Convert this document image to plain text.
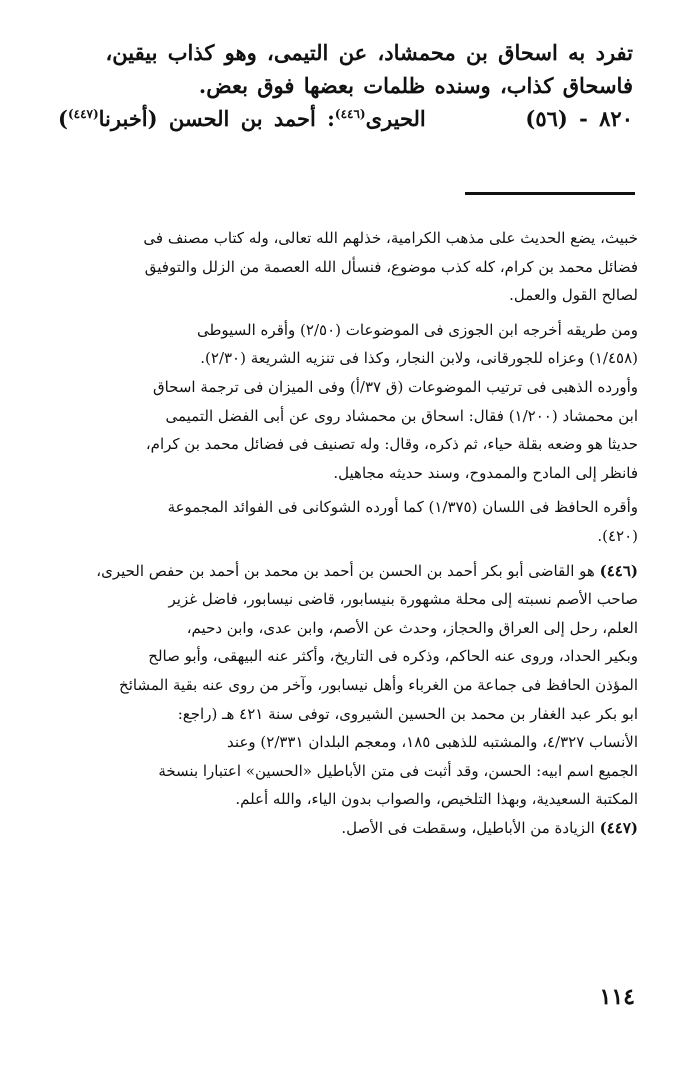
تفرد به اسحاق بن محمشاد، عن التيمى، وهو كذاب بيقين،

فاسحاق كذاب، وسنده ظلمات بعضها فوق بعض.

٨٢٠ - (٥٦)
الحيرى$^{(٤٤٦)}$: أحمد بن الحسن (أخبرنا$^{(٤٤٧)}$)

خبيث، يضع الحديث على مذهب الكرامية، خذلهم الله تعالى، وله كتاب مصنف فى

فضائل محمد بن كرام، كله كذب موضوع، فنسأل الله العصمة من الزلل والتوفيق

لصالح القول والعمل.

ومن طريقه أخرجه ابن الجوزى فى الموضوعات (٢/٥٠) وأقره السيوطى

(١/٤٥٨) وعزاه للجورقانى، ولابن النجار، وكذا فى تنزيه الشريعة (٢/٣٠).

وأورده الذهبى فى ترتيب الموضوعات (ق ٣٧/أ) وفى الميزان فى ترجمة اسحاق

ابن محمشاد (١/٢٠٠) فقال: اسحاق بن محمشاد روى عن أبى الفضل التميمى

حديثا هو وضعه بقلة حياء، ثم ذكره، وقال: وله تصنيف فى فضائل محمد بن كرام،

فانظر إلى المادح والممدوح، وسند حديثه مجاهيل.

وأقره الحافظ فى اللسان (١/٣٧٥) كما أورده الشوكانى فى الفوائد المجموعة

(٤٢٠).

(٤٤٦) هو القاضى أبو بكر أحمد بن الحسن بن أحمد بن محمد بن أحمد بن حفص الحيرى،

صاحب الأصم نسبته إلى محلة مشهورة بنيسابور، قاضى نيسابور، فاضل غزير

العلم، رحل إلى العراق والحجاز، وحدث عن الأصم، وابن عدى، وابن دحيم،

وبكير الحداد، وروى عنه الحاكم، وذكره فى التاريخ، وأكثر عنه البيهقى، وأبو صالح

المؤذن الحافظ فى جماعة من الغرباء وأهل نيسابور، وآخر من روى عنه بقية المشائخ

ابو بكر عبد الغفار بن محمد بن الحسين الشيروى، توفى سنة ٤٢١ هـ (راجع:

الأنساب ٤/٣٢٧، والمشتبه للذهبى ١٨٥، ومعجم البلدان ٢/٣٣١) وعند

الجميع اسم ابيه: الحسن، وقد أثبت فى متن الأباطيل «الحسين» اعتبارا بنسخة

المكتبة السعيدية، وبهذا التلخيص، والصواب بدون الياء، والله أعلم.

(٤٤٧) الزيادة من الأباطيل، وسقطت فى الأصل.

١١٤
